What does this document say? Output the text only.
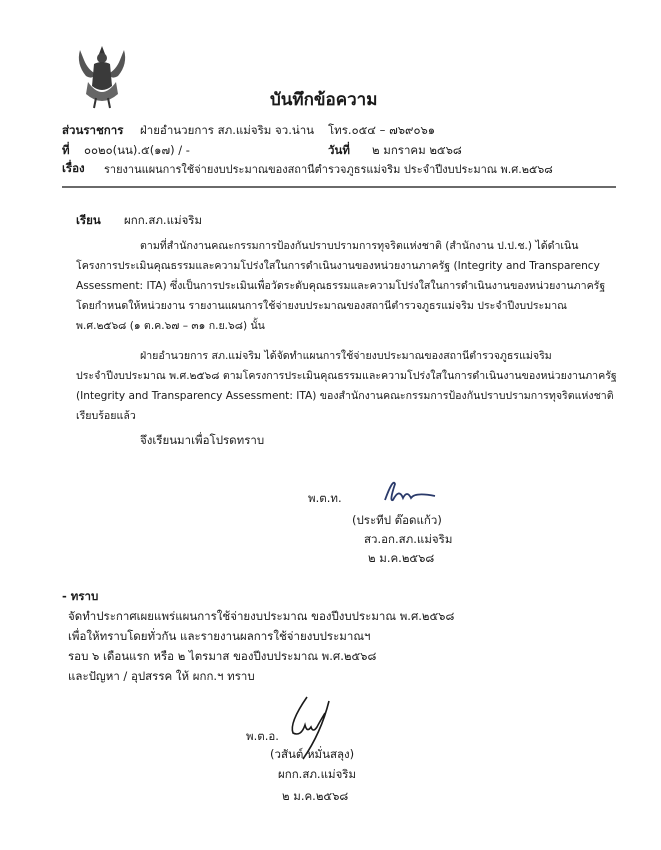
บันทึกข้อความ
ส่วนราชการ ฝ่ายอำนวยการ สภ.แม่จริม จว.น่าน โทร.๐๕๔ – ๗๖๙๐๖๑
ที่ ๐๐๒๐(นน).๕(๑๗) / -	วันที่ ๒ มกราคม ๒๕๖๘
เรื่อง รายงานแผนการใช้จ่ายงบประมาณของสถานีตำรวจภูธรแม่จริม ประจำปีงบประมาณ พ.ศ.๒๕๖๘
เรียน ผกก.สภ.แม่จริม
ตามที่สำนักงานคณะกรรมการป้องกันปราบปรามการทุจริตแห่งชาติ (สำนักงาน ป.ป.ช.) ได้ดำเนิน
โครงการประเมินคุณธรรมและความโปร่งใสในการดำเนินงานของหน่วยงานภาครัฐ (Integrity and Transparency
Assessment: ITA) ซึ่งเป็นการประเมินเพื่อวัดระดับคุณธรรมและความโปร่งใสในการดำเนินงานของหน่วยงานภาครัฐ
โดยกำหนดให้หน่วยงาน รายงานแผนการใช้จ่ายงบประมาณของสถานีตำรวจภูธรแม่จริม ประจำปีงบประมาณ
พ.ศ.๒๕๖๘ (๑ ต.ค.๖๗ – ๓๑ ก.ย.๖๘) นั้น
ฝ่ายอำนวยการ สภ.แม่จริม ได้จัดทำแผนการใช้จ่ายงบประมาณของสถานีตำรวจภูธรแม่จริม
ประจำปีงบประมาณ พ.ศ.๒๕๖๘ ตามโครงการประเมินคุณธรรมและความโปร่งใสในการดำเนินงานของหน่วยงานภาครัฐ
(Integrity and Transparency Assessment: ITA) ของสำนักงานคณะกรรมการป้องกันปราบปรามการทุจริตแห่งชาติ
เรียบร้อยแล้ว
จึงเรียนมาเพื่อโปรดทราบ
พ.ต.ท.
(ประทีป ต๊อดแก้ว)
สว.อก.สภ.แม่จริม
๒ ม.ค.๒๕๖๘
- ทราบ
จัดทำประกาศเผยแพร่แผนการใช้จ่ายงบประมาณ ของปีงบประมาณ พ.ศ.๒๕๖๘
เพื่อให้ทราบโดยทั่วกัน และรายงานผลการใช้จ่ายงบประมาณฯ
รอบ ๖ เดือนแรก หรือ ๒ ไตรมาส ของปีงบประมาณ พ.ศ.๒๕๖๘
และปัญหา / อุปสรรค ให้ ผกก.ฯ ทราบ
พ.ต.อ.
(วสันต์ หมั่นสลุง)
ผกก.สภ.แม่จริม
๒ ม.ค.๒๕๖๘
